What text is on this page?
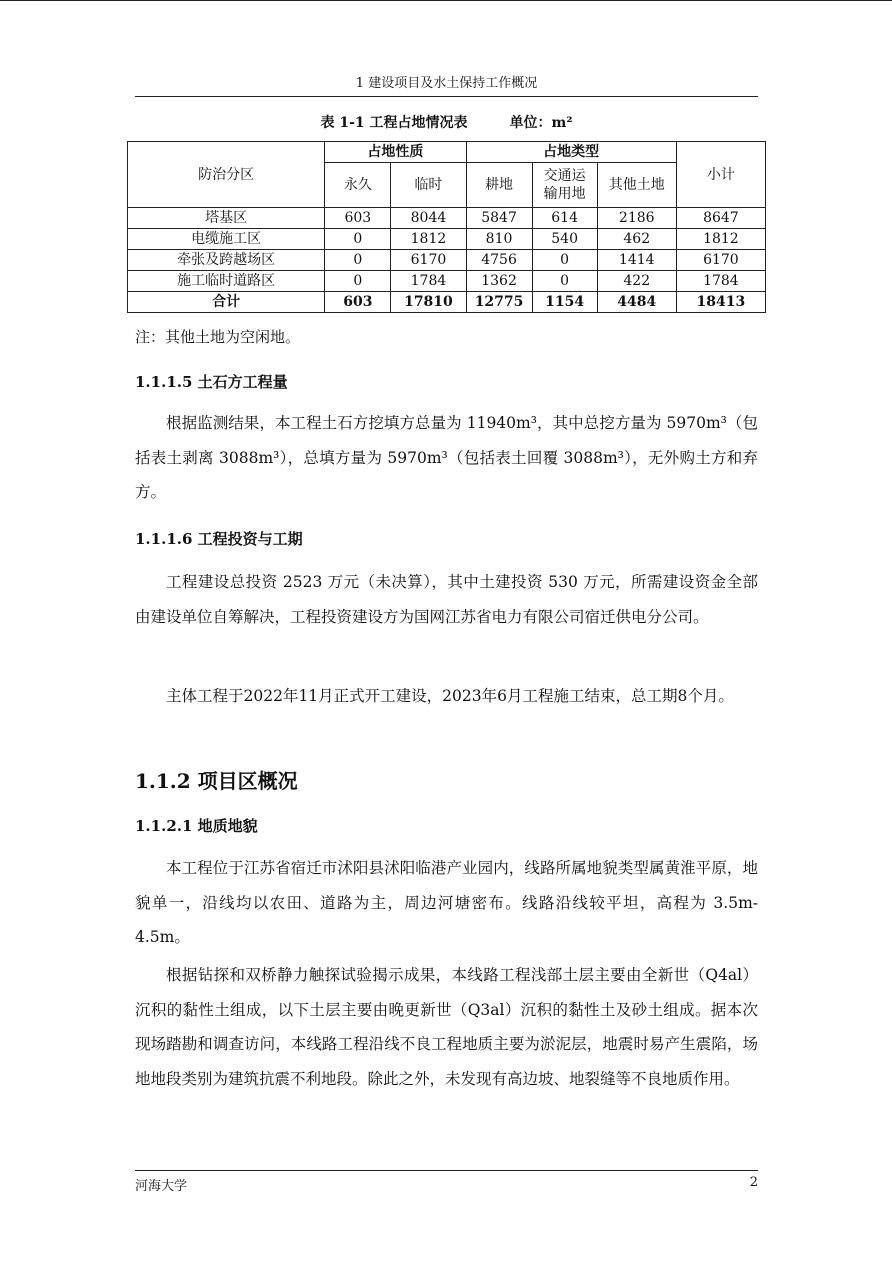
1 建设项目及水土保持工作概况
表 1-1 工程占地情况表	单位：m²
防治分区	占地性质		占地类型			小计
	永久	临时	耕地	交通运输用地	其他土地	
塔基区	603	8044	5847	614	2186	8647
电缆施工区	0	1812	810	540	462	1812
牵张及跨越场区	0	6170	4756	0	1414	6170
施工临时道路区	0	1784	1362	0	422	1784
合计	603	17810	12775	1154	4484	18413
注：其他土地为空闲地。
1.1.1.5 土石方工程量

根据监测结果，本工程土石方挖填方总量为 11940m³，其中总挖方量为 5970m³（包括表土剥离 3088m³），总填方量为 5970m³（包括表土回覆 3088m³），无外购土方和弃方。

1.1.1.6 工程投资与工期

工程建设总投资 2523 万元（未决算），其中土建投资 530 万元，所需建设资金全部由建设单位自筹解决，工程投资建设方为国网江苏省电力有限公司宿迁供电分公司。

主体工程于2022年11月正式开工建设，2023年6月工程施工结束，总工期8个月。

1.1.2 项目区概况
1.1.2.1 地质地貌

本工程位于江苏省宿迁市沭阳县沭阳临港产业园内，线路所属地貌类型属黄淮平原，地貌单一，沿线均以农田、道路为主，周边河塘密布。线路沿线较平坦，高程为 3.5m-4.5m。

根据钻探和双桥静力触探试验揭示成果，本线路工程浅部土层主要由全新世（Q4al）沉积的黏性土组成，以下土层主要由晚更新世（Q3al）沉积的黏性土及砂土组成。据本次现场踏勘和调查访问，本线路工程沿线不良工程地质主要为淤泥层，地震时易产生震陷，场地地段类别为建筑抗震不利地段。除此之外，未发现有高边坡、地裂缝等不良地质作用。

河海大学	2
